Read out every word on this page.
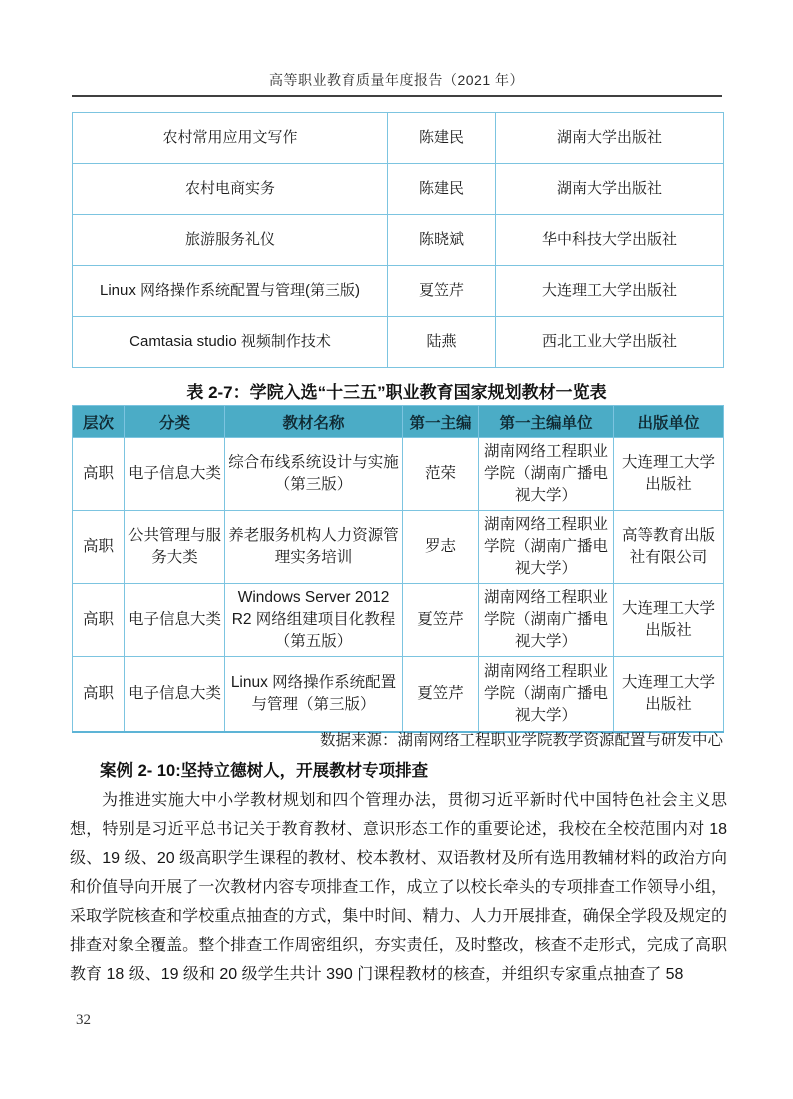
高等职业教育质量年度报告（2021 年）
农村常用应用文写作	陈建民	湖南大学出版社
农村电商实务	陈建民	湖南大学出版社
旅游服务礼仪	陈晓斌	华中科技大学出版社
Linux 网络操作系统配置与管理(第三版)	夏笠芹	大连理工大学出版社
Camtasia studio 视频制作技术	陆燕	西北工业大学出版社
表 2-7：学院入选“十三五”职业教育国家规划教材一览表
层次	分类	教材名称	第一主编	第一主编单位	出版单位
高职	电子信息大类	综合布线系统设计与实施（第三版）	范荣	湖南网络工程职业学院（湖南广播电视大学）	大连理工大学出版社
高职	公共管理与服务大类	养老服务机构人力资源管理实务培训	罗志	湖南网络工程职业学院（湖南广播电视大学）	高等教育出版社有限公司
高职	电子信息大类	Windows Server 2012 R2 网络组建项目化教程（第五版）	夏笠芹	湖南网络工程职业学院（湖南广播电视大学）	大连理工大学出版社
高职	电子信息大类	Linux 网络操作系统配置与管理（第三版）	夏笠芹	湖南网络工程职业学院（湖南广播电视大学）	大连理工大学出版社
数据来源：湖南网络工程职业学院教学资源配置与研发中心
案例 2- 10:坚持立德树人，开展教材专项排查
为推进实施大中小学教材规划和四个管理办法，贯彻习近平新时代中国特色社会主义思想，特别是习近平总书记关于教育教材、意识形态工作的重要论述，我校在全校范围内对 18 级、19 级、20 级高职学生课程的教材、校本教材、双语教材及所有选用教辅材料的政治方向和价值导向开展了一次教材内容专项排查工作，成立了以校长牵头的专项排查工作领导小组，采取学院核查和学校重点抽查的方式，集中时间、精力、人力开展排查，确保全学段及规定的排查对象全覆盖。整个排查工作周密组织，夯实责任，及时整改，核查不走形式，完成了高职教育 18 级、19 级和 20 级学生共计 390 门课程教材的核查，并组织专家重点抽查了 58
32
